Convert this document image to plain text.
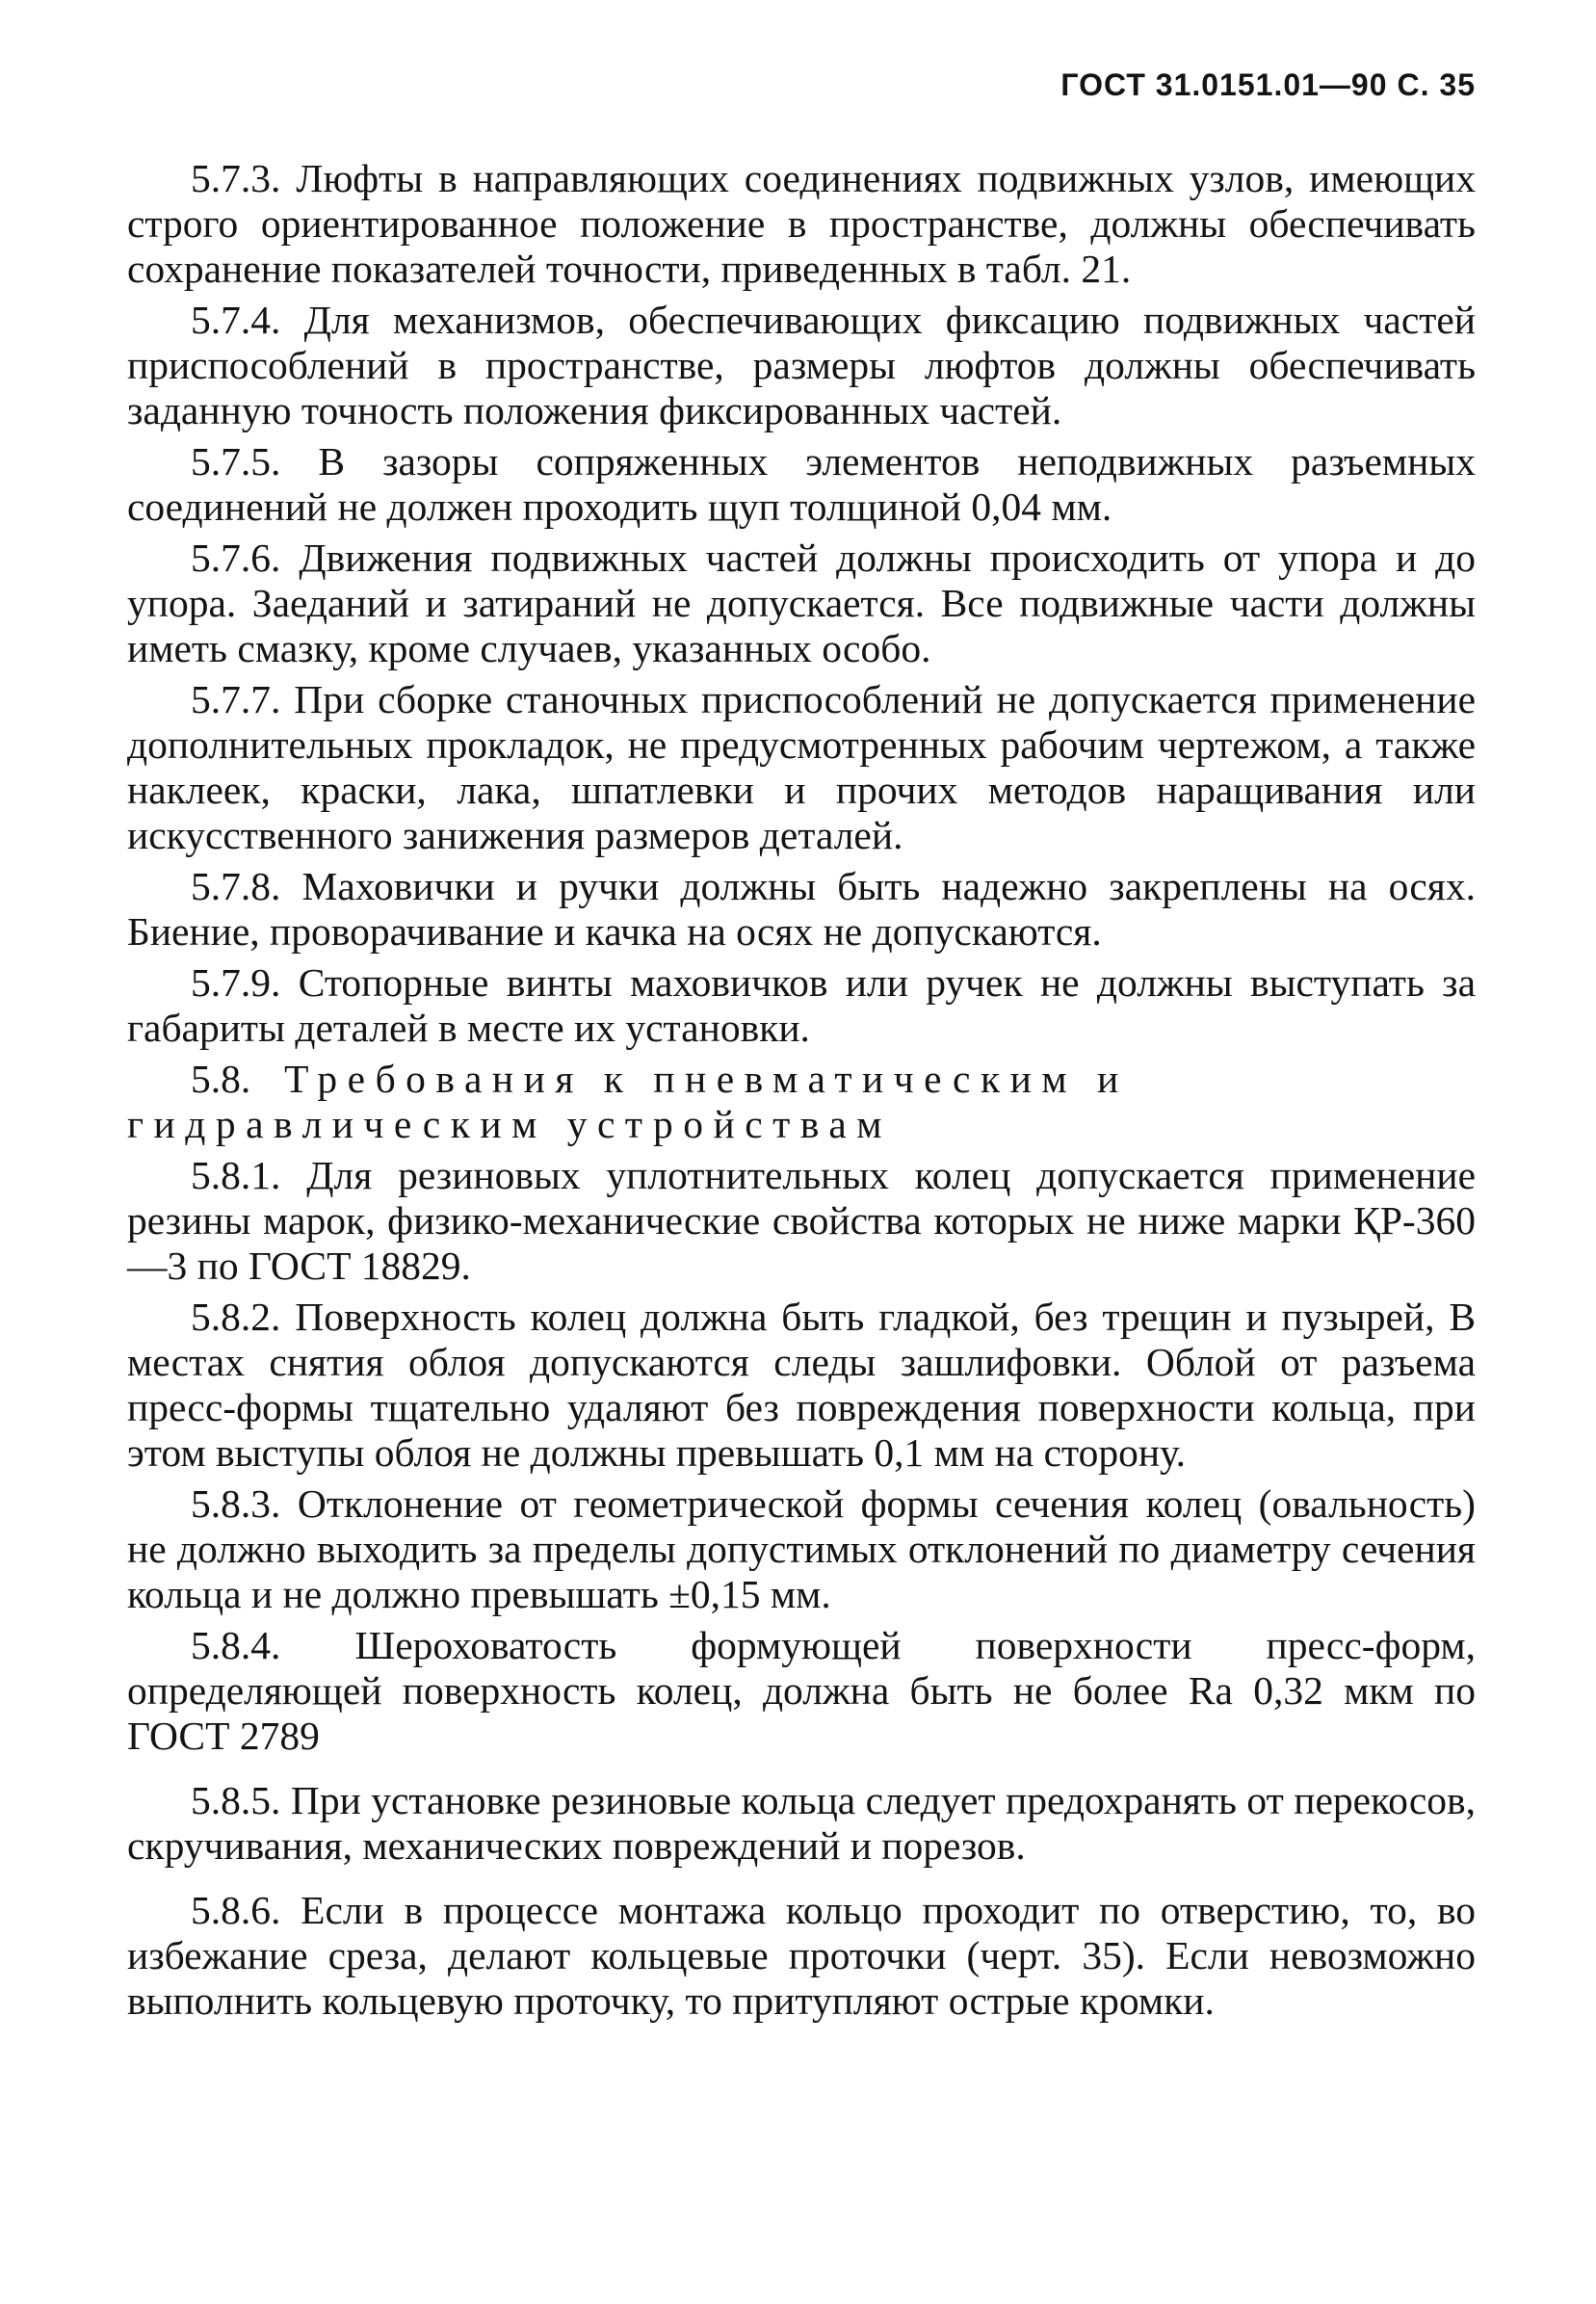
ГОСТ 31.0151.01—90 С. 35

5.7.3. Люфты в направляющих соединениях подвижных узлов, имеющих строго ориентированное положение в пространстве, должны обеспечивать сохранение показателей точности, приведенных в табл. 21.

5.7.4. Для механизмов, обеспечивающих фиксацию подвижных частей приспособлений в пространстве, размеры люфтов должны обеспечивать заданную точность положения фиксированных частей.

5.7.5. В зазоры сопряженных элементов неподвижных разъемных соединений не должен проходить щуп толщиной 0,04 мм.

5.7.6. Движения подвижных частей должны происходить от упора и до упора. Заеданий и затираний не допускается. Все подвижные части должны иметь смазку, кроме случаев, указанных особо.

5.7.7. При сборке станочных приспособлений не допускается применение дополнительных прокладок, не предусмотренных рабочим чертежом, а также наклеек, краски, лака, шпатлевки и прочих методов наращивания или искусственного занижения размеров деталей.

5.7.8. Маховички и ручки должны быть надежно закреплены на осях. Биение, проворачивание и качка на осях не допускаются.

5.7.9. Стопорные винты маховичков или ручек не должны выступать за габариты деталей в месте их установки.

5.8. Требования к пневматическим и гидравлическим устройствам

5.8.1. Для резиновых уплотнительных колец допускается применение резины марок, физико-механические свойства которых не ниже марки ҚР-360—3 по ГОСТ 18829.

5.8.2. Поверхность колец должна быть гладкой, без трещин и пузырей, В местах снятия облоя допускаются следы зашлифовки. Облой от разъема пресс-формы тщательно удаляют без повреждения поверхности кольца, при этом выступы облоя не должны превышать 0,1 мм на сторону.

5.8.3. Отклонение от геометрической формы сечения колец (овальность) не должно выходить за пределы допустимых отклонений по диаметру сечения кольца и не должно превышать ±0,15 мм.

5.8.4. Шероховатость формующей поверхности пресс-форм, определяющей поверхность колец, должна быть не более Ra 0,32 мкм по ГОСТ 2789

5.8.5. При установке резиновые кольца следует предохранять от перекосов, скручивания, механических повреждений и порезов.

5.8.6. Если в процессе монтажа кольцо проходит по отверстию, то, во избежание среза, делают кольцевые проточки (черт. 35). Если невозможно выполнить кольцевую проточку, то притупляют острые кромки.
